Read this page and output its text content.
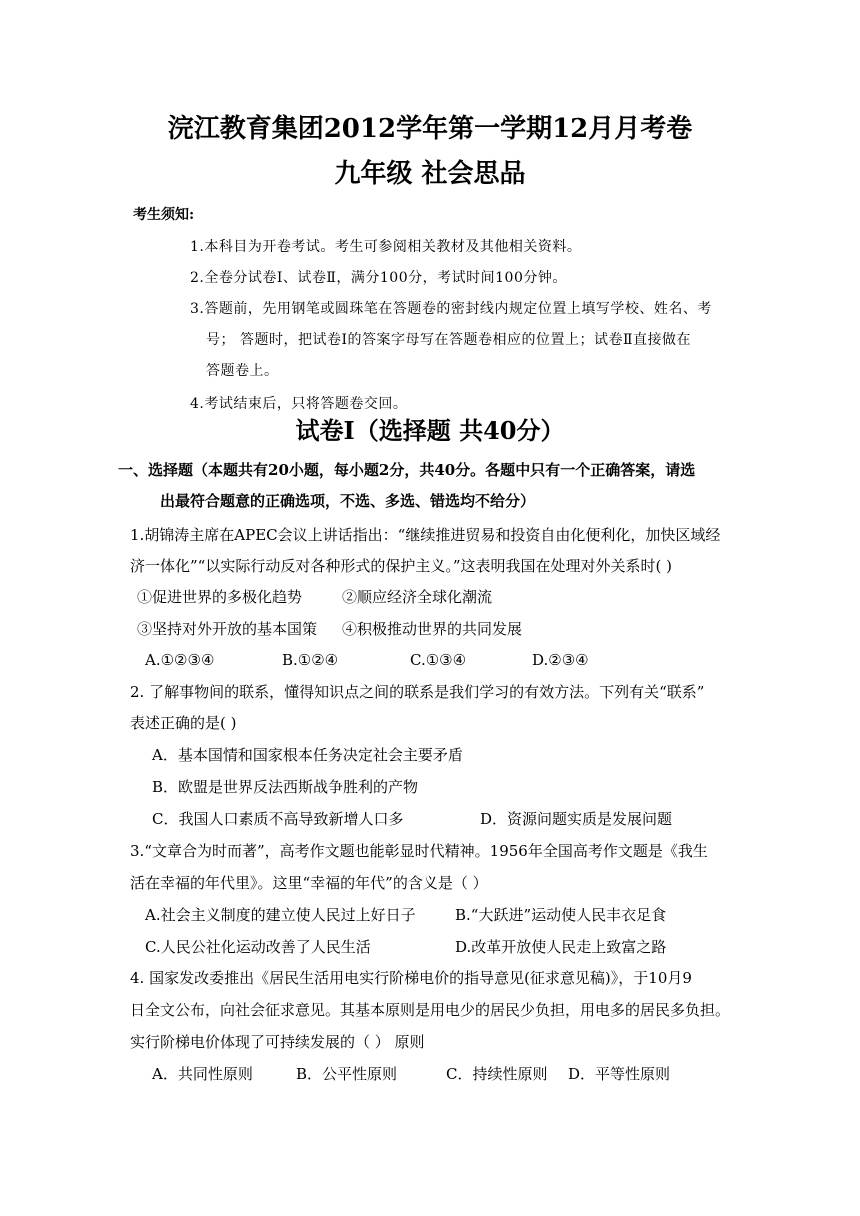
浣江教育集团2012学年第一学期12月月考卷
九年级 社会思品
考生须知:
1.本科目为开卷考试。考生可参阅相关教材及其他相关资料。
2.全卷分试卷Ⅰ、试卷Ⅱ，满分100分，考试时间100分钟。
3.答题前，先用钢笔或圆珠笔在答题卷的密封线内规定位置上填写学校、姓名、考
号； 答题时，把试卷Ⅰ的答案字母写在答题卷相应的位置上；试卷Ⅱ直接做在
答题卷上。
4.考试结束后，只将答题卷交回。
试卷Ⅰ（选择题 共40分）
一、选择题（本题共有20小题，每小题2分，共40分。各题中只有一个正确答案，请选
出最符合题意的正确选项，不选、多选、错选均不给分）
1.胡锦涛主席在APEC会议上讲话指出：“继续推进贸易和投资自由化便利化，加快区域经
济一体化”“以实际行动反对各种形式的保护主义。”这表明我国在处理对外关系时( )
①促进世界的多极化趋势	②顺应经济全球化潮流
③坚持对外开放的基本国策 ④积极推动世界的共同发展
A.①②③④	B.①②④	C.①③④	D.②③④
2. 了解事物间的联系，懂得知识点之间的联系是我们学习的有效方法。下列有关“联系”
表述正确的是( )
A．基本国情和国家根本任务决定社会主要矛盾
B．欧盟是世界反法西斯战争胜利的产物
C．我国人口素质不高导致新增人口多	D．资源问题实质是发展问题
3.“文章合为时而著”，高考作文题也能彰显时代精神。1956年全国高考作文题是《我生
活在幸福的年代里》。这里“幸福的年代”的含义是（ ）
A.社会主义制度的建立使人民过上好日子	B.“大跃进”运动使人民丰衣足食
C.人民公社化运动改善了人民生活	D.改革开放使人民走上致富之路
4. 国家发改委推出《居民生活用电实行阶梯电价的指导意见(征求意见稿)》，于10月9
日全文公布，向社会征求意见。其基本原则是用电少的居民少负担，用电多的居民多负担。
实行阶梯电价体现了可持续发展的（ ） 原则
A．共同性原则	B．公平性原则	C．持续性原则 D．平等性原则
